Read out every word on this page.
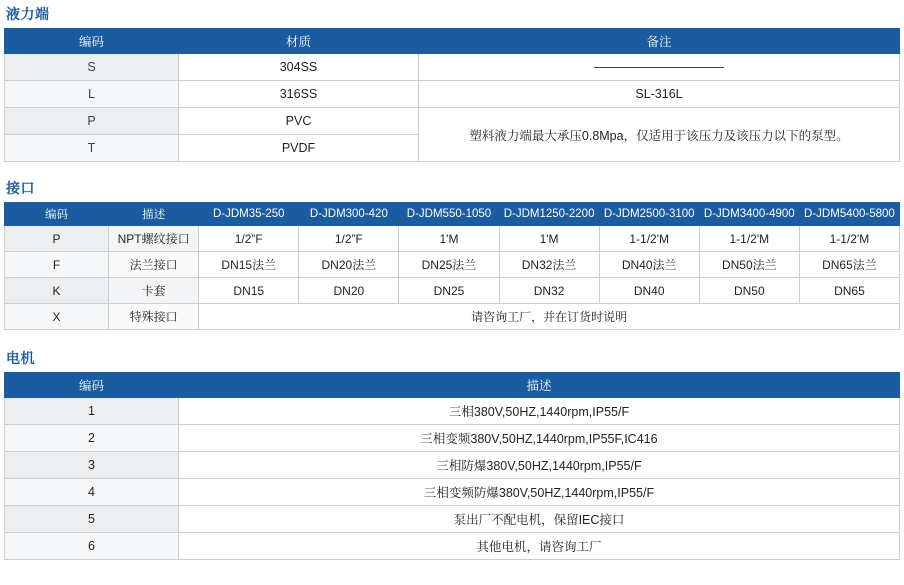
液力端
编码	材质	备注
S	304SS	
L	316SS	SL-316L
P	PVC	塑料液力端最大承压0.8Mpa，仅适用于该压力及该压力以下的泵型。
T	PVDF	
接口
编码	描述	D-JDM35-250	D-JDM300-420	D-JDM550-1050	D-JDM1250-2200	D-JDM2500-3100	D-JDM3400-4900	D-JDM5400-5800
P	NPT螺纹接口	1/2”F	1/2”F	1'M	1'M	1-1/2'M	1-1/2'M	1-1/2'M
F	法兰接口	DN15法兰	DN20法兰	DN25法兰	DN32法兰	DN40法兰	DN50法兰	DN65法兰
K	卡套	DN15	DN20	DN25	DN32	DN40	DN50	DN65
X	特殊接口	请咨询工厂，并在订货时说明						
电机
编码	描述
1	三相380V,50HZ,1440rpm,IP55/F
2	三相变频380V,50HZ,1440rpm,IP55F,IC416
3	三相防爆380V,50HZ,1440rpm,IP55/F
4	三相变频防爆380V,50HZ,1440rpm,IP55/F
5	泵出厂不配电机，保留IEC接口
6	其他电机，请咨询工厂
